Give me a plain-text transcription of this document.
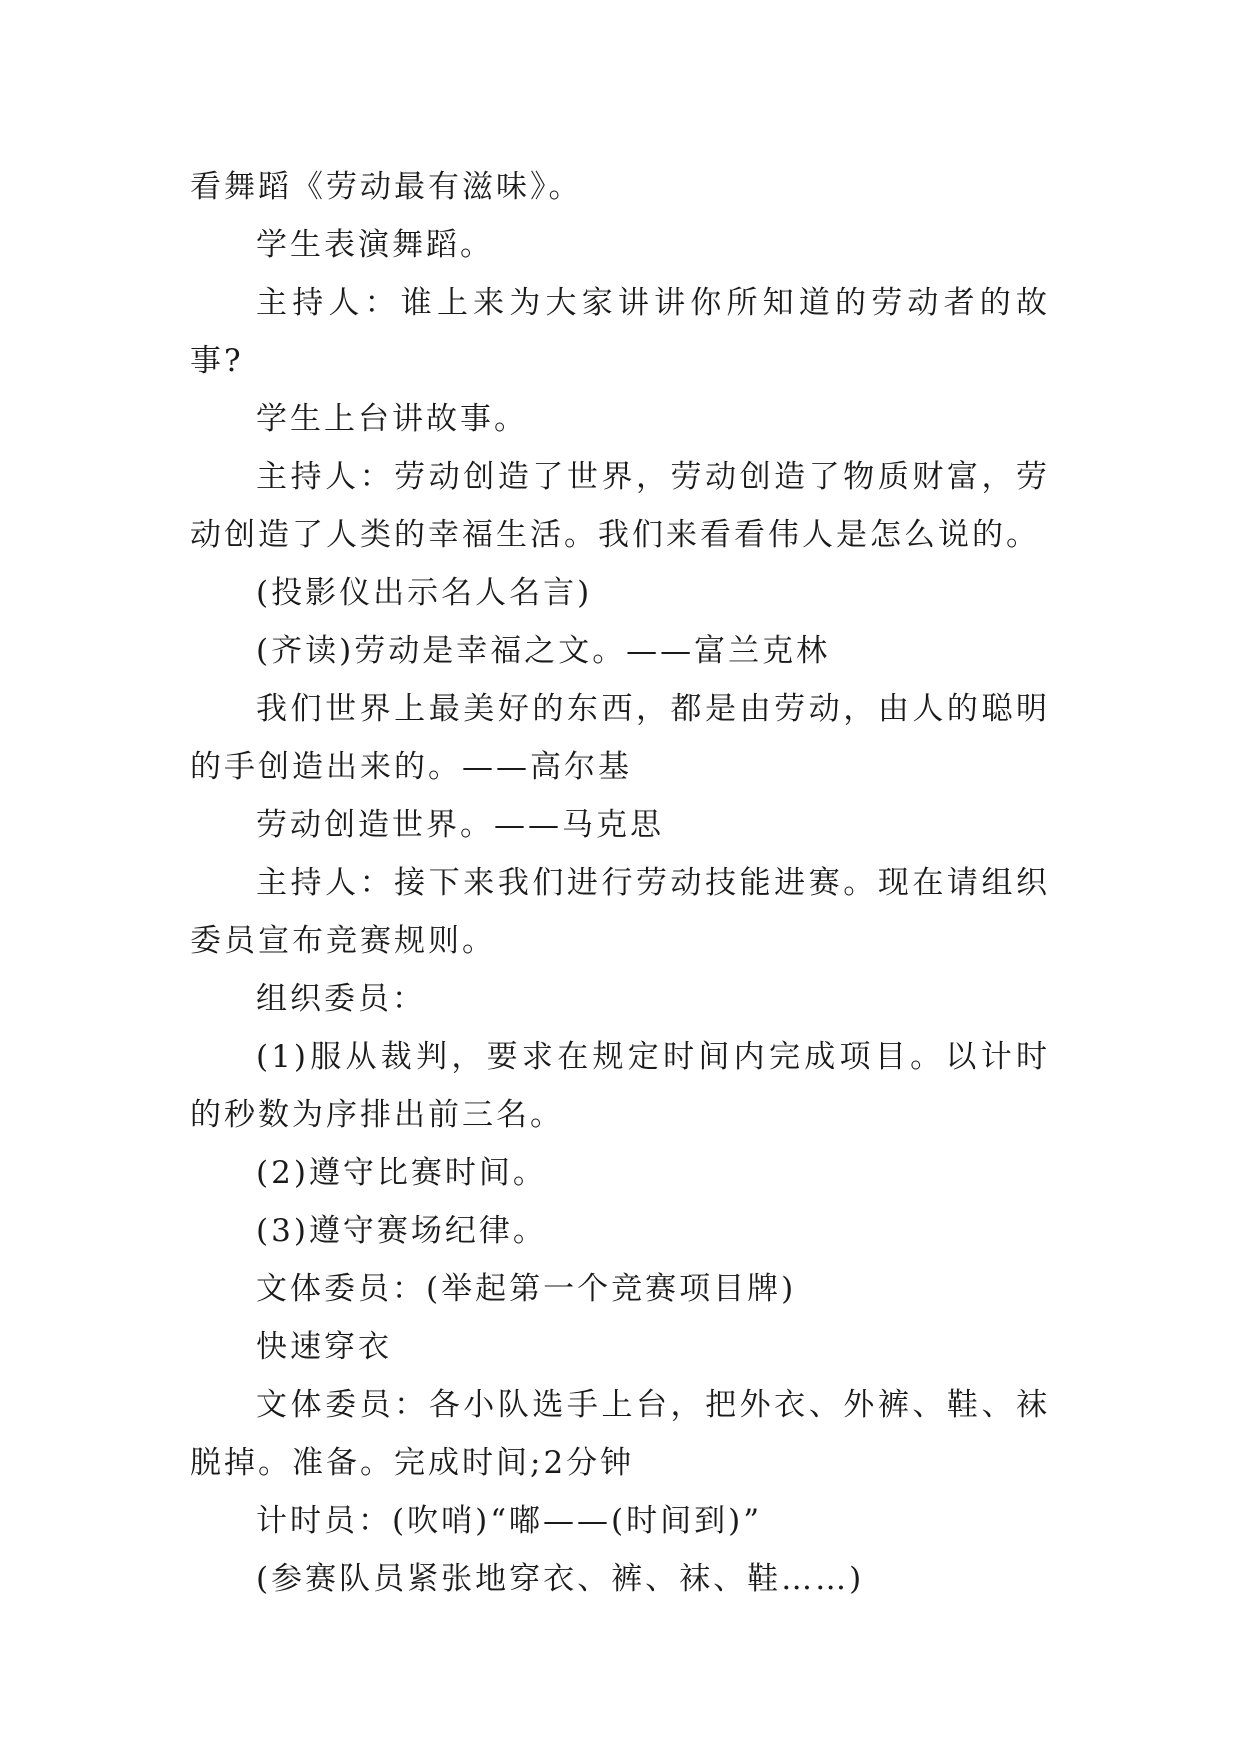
看舞蹈《劳动最有滋味》。

学生表演舞蹈。

主持人：谁上来为大家讲讲你所知道的劳动者的故事?

学生上台讲故事。

主持人：劳动创造了世界，劳动创造了物质财富，劳动创造了人类的幸福生活。我们来看看伟人是怎么说的。

(投影仪出示名人名言)

(齐读)劳动是幸福之文。——富兰克林

我们世界上最美好的东西，都是由劳动，由人的聪明的手创造出来的。——高尔基

劳动创造世界。——马克思

主持人：接下来我们进行劳动技能进赛。现在请组织委员宣布竞赛规则。

组织委员：

(1)服从裁判，要求在规定时间内完成项目。以计时的秒数为序排出前三名。

(2)遵守比赛时间。

(3)遵守赛场纪律。

文体委员：(举起第一个竞赛项目牌)

快速穿衣

文体委员：各小队选手上台，把外衣、外裤、鞋、袜脱掉。准备。完成时间;2分钟

计时员：(吹哨)“嘟——(时间到)”

(参赛队员紧张地穿衣、裤、袜、鞋……)
